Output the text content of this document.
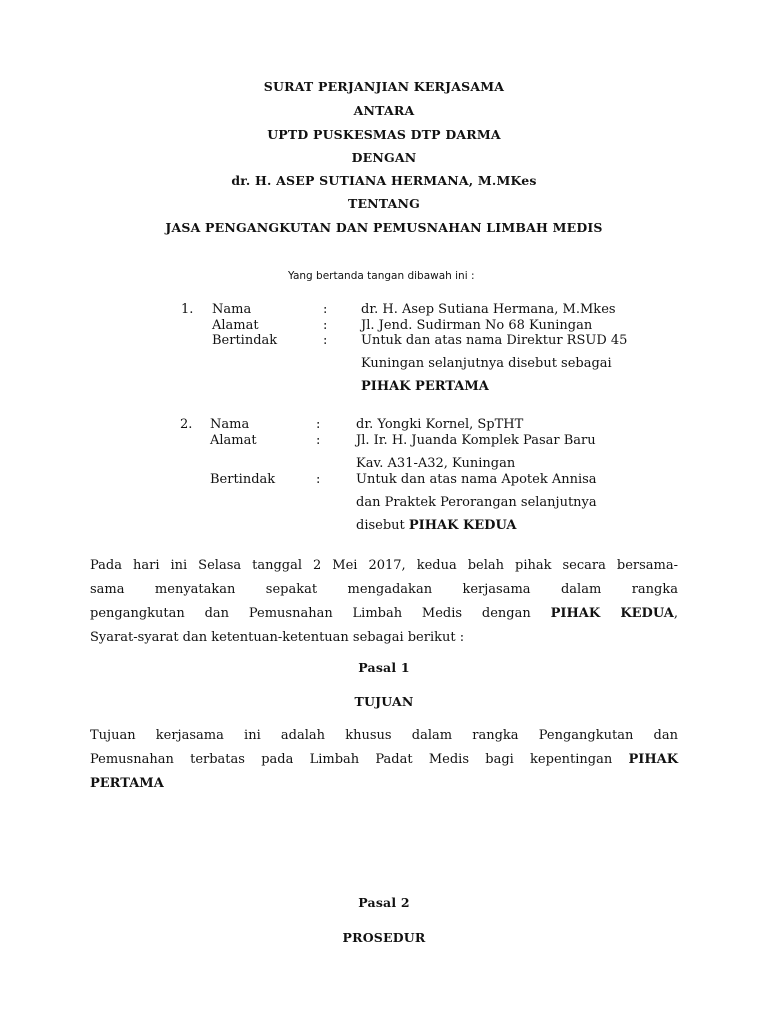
SURAT PERJANJIAN KERJASAMA
ANTARA
UPTD PUSKESMAS DTP DARMA
DENGAN
dr. H. ASEP SUTIANA HERMANA, M.MKes
TENTANG
JASA PENGANGKUTAN DAN PEMUSNAHAN LIMBAH MEDIS
Yang bertanda tangan dibawah ini :
1. Nama
Alamat
Bertindak
:
:
:
dr. H. Asep Sutiana Hermana, M.Mkes
Jl. Jend. Sudirman No 68 Kuningan
Untuk dan atas nama Direktur RSUD 45
Kuningan selanjutnya disebut sebagai
PIHAK PERTAMA
2. Nama
Alamat
Bertindak
:
:
:
dr. Yongki Kornel, SpTHT
Jl. Ir. H. Juanda Komplek Pasar Baru
Kav. A31-A32, Kuningan
Untuk dan atas nama Apotek Annisa
dan Praktek Perorangan selanjutnya
disebut PIHAK KEDUA
Pada hari ini Selasa tanggal 2 Mei 2017, kedua belah pihak secara bersama-
sama menyatakan sepakat mengadakan kerjasama dalam rangka
pengangkutan dan Pemusnahan Limbah Medis dengan PIHAK KEDUA,
Syarat-syarat dan ketentuan-ketentuan sebagai berikut :
Pasal 1
TUJUAN
Tujuan kerjasama ini adalah khusus dalam rangka Pengangkutan dan
Pemusnahan terbatas pada Limbah Padat Medis bagi kepentingan PIHAK
PERTAMA
Pasal 2
PROSEDUR
